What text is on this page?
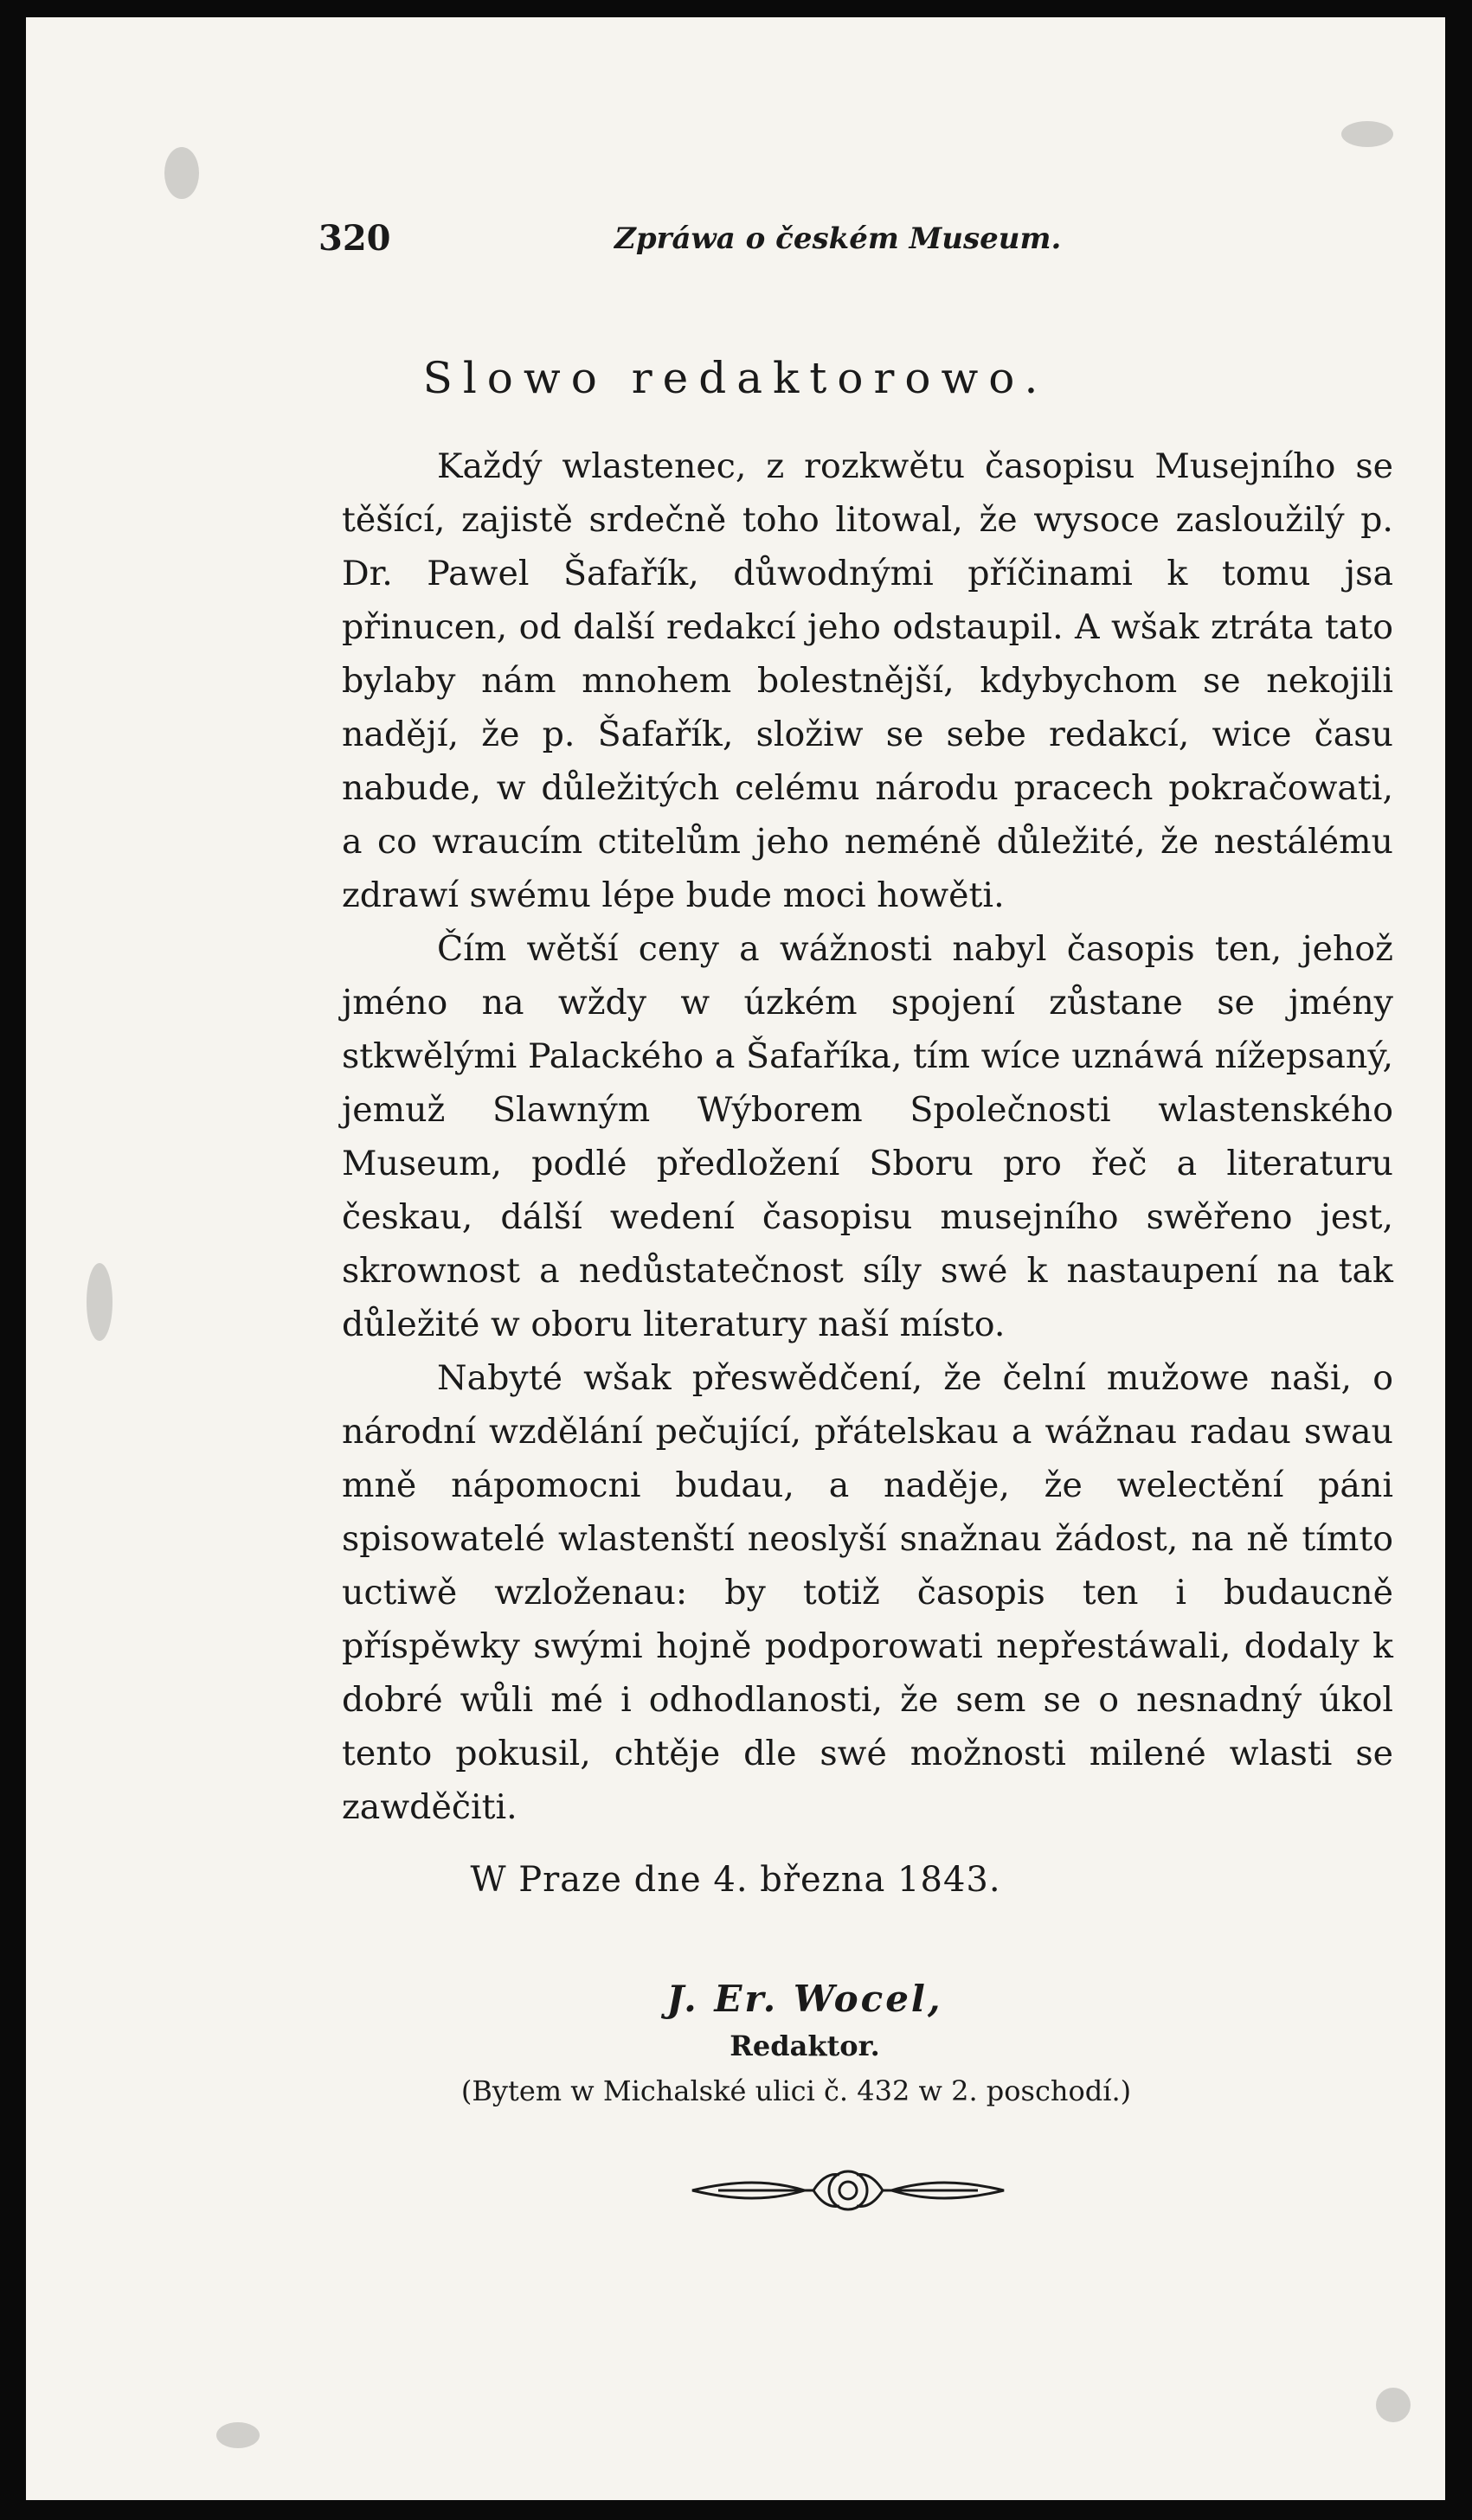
320	Zpráwa o českém Museum.
Slowo redaktorowo.

Každý wlastenec, z rozkwětu časopisu Musejního se těšící, zajistě srdečně toho litowal, že wysoce zasloužilý p. Dr. Pawel Šafařík, důwodnými příčinami k tomu jsa přinucen, od další redakcí jeho odstaupil. A wšak ztráta tato bylaby nám mnohem bolestnější, kdybychom se nekojili nadějí, že p. Šafařík, složiw se sebe redakcí, wice času nabude, w důležitých celému národu pracech pokračowati, a co wraucím ctitelům jeho neméně důležité, že nestálému zdrawí swému lépe bude moci howěti.

Čím wětší ceny a wážnosti nabyl časopis ten, jehož jméno na wždy w úzkém spojení zůstane se jmény stkwělými Palackého a Šafaříka, tím wíce uznáwá nížepsaný, jemuž Slawným Wýborem Společnosti wlastenského Museum, podlé předložení Sboru pro řeč a literaturu českau, dálší wedení časopisu musejního swěřeno jest, skrownost a nedůstatečnost síly swé k nastaupení na tak důležité w oboru literatury naší místo.

Nabyté wšak přeswědčení, že čelní mužowe naši, o národní wzdělání pečující, přátelskau a wážnau radau swau mně nápomocni budau, a naděje, že welectění páni spisowatelé wlastenští neoslyší snažnau žádost, na ně tímto uctiwě wzloženau: by totiž časopis ten i budaucně příspěwky swými hojně podporowati nepřestáwali, dodaly k dobré wůli mé i odhodlanosti, že sem se o nesnadný úkol tento pokusil, chtěje dle swé možnosti milené wlasti se zawděčiti.

W Praze dne 4. března 1843.
J. Er. Wocel,
Redaktor.
(Bytem w Michalské ulici č. 432 w 2. poschodí.)
